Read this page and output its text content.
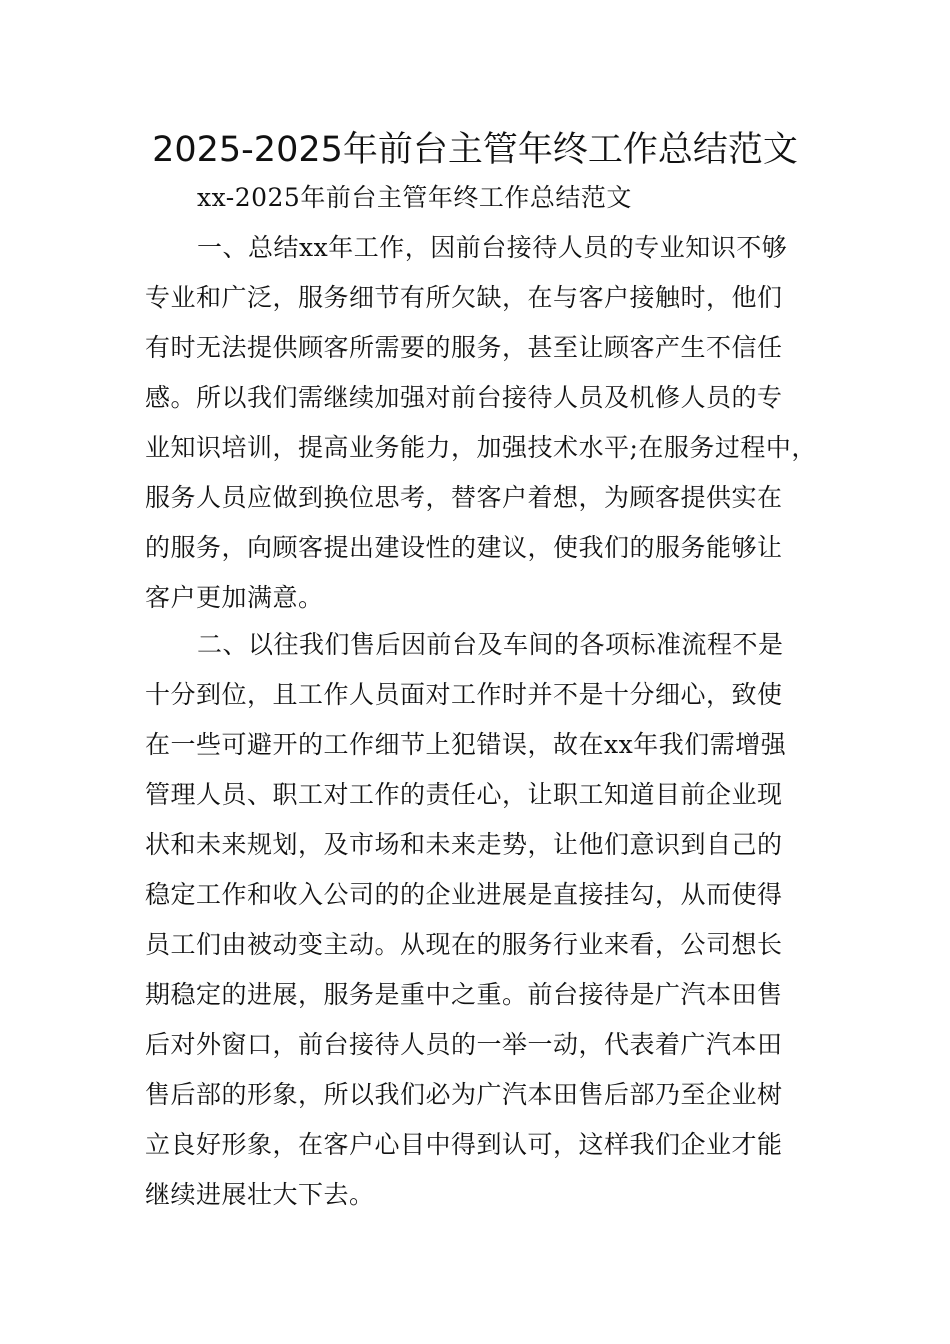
2025-2025年前台主管年终工作总结范文
xx-2025年前台主管年终工作总结范文
一、总结xx年工作，因前台接待人员的专业知识不够
专业和广泛，服务细节有所欠缺，在与客户接触时，他们
有时无法提供顾客所需要的服务，甚至让顾客产生不信任
感。所以我们需继续加强对前台接待人员及机修人员的专
业知识培训，提高业务能力，加强技术水平;在服务过程中，
服务人员应做到换位思考，替客户着想，为顾客提供实在
的服务，向顾客提出建设性的建议，使我们的服务能够让
客户更加满意。
二、以往我们售后因前台及车间的各项标准流程不是
十分到位，且工作人员面对工作时并不是十分细心，致使
在一些可避开的工作细节上犯错误，故在xx年我们需增强
管理人员、职工对工作的责任心，让职工知道目前企业现
状和未来规划，及市场和未来走势，让他们意识到自己的
稳定工作和收入公司的的企业进展是直接挂勾，从而使得
员工们由被动变主动。从现在的服务行业来看，公司想长
期稳定的进展，服务是重中之重。前台接待是广汽本田售
后对外窗口，前台接待人员的一举一动，代表着广汽本田
售后部的形象，所以我们必为广汽本田售后部乃至企业树
立良好形象，在客户心目中得到认可，这样我们企业才能
继续进展壮大下去。
